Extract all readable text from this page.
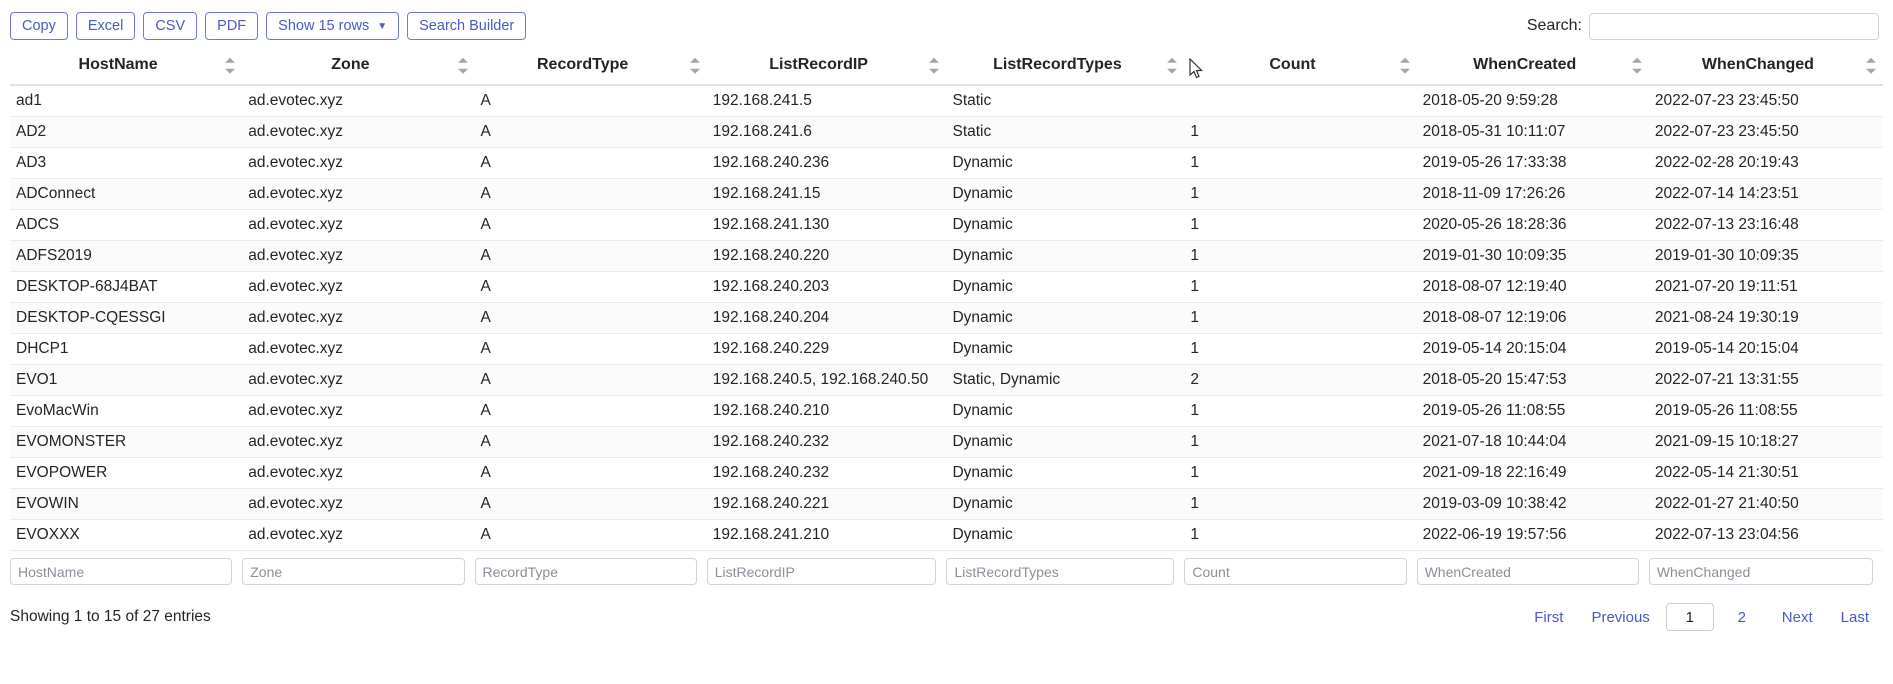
Copy	Excel	CSV	PDF	Show 15 rows ▼	Search Builder	Search:
HostName	Zone	RecordType	ListRecordIP	ListRecordTypes	Count	WhenCreated	WhenChanged

ad1	ad.evotec.xyz	A	192.168.241.5	Static		2018-05-20 9:59:28	2022-07-23 23:45:50
AD2	ad.evotec.xyz	A	192.168.241.6	Static	1	2018-05-31 10:11:07	2022-07-23 23:45:50
AD3	ad.evotec.xyz	A	192.168.240.236	Dynamic	1	2019-05-26 17:33:38	2022-02-28 20:19:43
ADConnect	ad.evotec.xyz	A	192.168.241.15	Dynamic	1	2018-11-09 17:26:26	2022-07-14 14:23:51
ADCS	ad.evotec.xyz	A	192.168.241.130	Dynamic	1	2020-05-26 18:28:36	2022-07-13 23:16:48
ADFS2019	ad.evotec.xyz	A	192.168.240.220	Dynamic	1	2019-01-30 10:09:35	2019-01-30 10:09:35
DESKTOP-68J4BAT	ad.evotec.xyz	A	192.168.240.203	Dynamic	1	2018-08-07 12:19:40	2021-07-20 19:11:51
DESKTOP-CQESSGI	ad.evotec.xyz	A	192.168.240.204	Dynamic	1	2018-08-07 12:19:06	2021-08-24 19:30:19
DHCP1	ad.evotec.xyz	A	192.168.240.229	Dynamic	1	2019-05-14 20:15:04	2019-05-14 20:15:04
EVO1	ad.evotec.xyz	A	192.168.240.5, 192.168.240.50	Static, Dynamic	2	2018-05-20 15:47:53	2022-07-21 13:31:55
EvoMacWin	ad.evotec.xyz	A	192.168.240.210	Dynamic	1	2019-05-26 11:08:55	2019-05-26 11:08:55
EVOMONSTER	ad.evotec.xyz	A	192.168.240.232	Dynamic	1	2021-07-18 10:44:04	2021-09-15 10:18:27
EVOPOWER	ad.evotec.xyz	A	192.168.240.232	Dynamic	1	2021-09-18 22:16:49	2022-05-14 21:30:51
EVOWIN	ad.evotec.xyz	A	192.168.240.221	Dynamic	1	2019-03-09 10:38:42	2022-01-27 21:40:50
EVOXXX	ad.evotec.xyz	A	192.168.241.210	Dynamic	1	2022-06-19 19:57:56	2022-07-13 23:04:56
HostName
Zone
RecordType
ListRecordIP
ListRecordTypes
Count
WhenCreated
WhenChanged
Showing 1 to 15 of 27 entries	First	Previous	1	2	Next	Last
